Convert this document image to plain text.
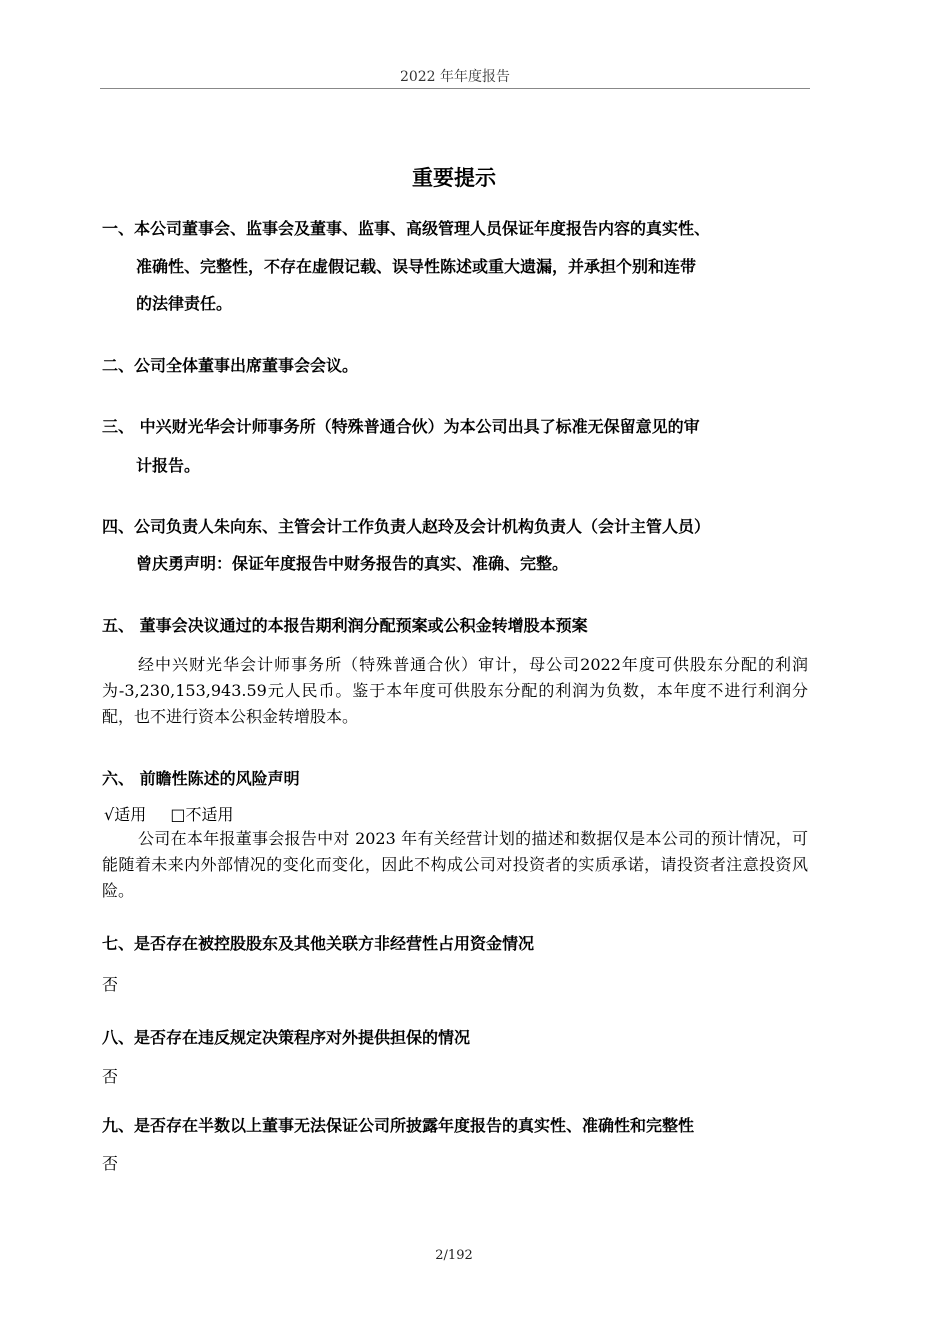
2022 年年度报告
重要提示
一、本公司董事会、监事会及董事、监事、高级管理人员保证年度报告内容的真实性、
准确性、完整性，不存在虚假记载、误导性陈述或重大遗漏，并承担个别和连带
的法律责任。
二、公司全体董事出席董事会会议。
三、 中兴财光华会计师事务所（特殊普通合伙）为本公司出具了标准无保留意见的审
计报告。
四、公司负责人朱向东、主管会计工作负责人赵玲及会计机构负责人（会计主管人员）
曾庆勇声明：保证年度报告中财务报告的真实、准确、完整。
五、 董事会决议通过的本报告期利润分配预案或公积金转增股本预案
经中兴财光华会计师事务所（特殊普通合伙）审计，母公司2022年度可供股东分配的利润为-3,230,153,943.59元人民币。鉴于本年度可供股东分配的利润为负数，本年度不进行利润分配，也不进行资本公积金转增股本。
六、 前瞻性陈述的风险声明
√适用 □不适用
公司在本年报董事会报告中对 2023 年有关经营计划的描述和数据仅是本公司的预计情况，可能随着未来内外部情况的变化而变化，因此不构成公司对投资者的实质承诺，请投资者注意投资风险。
七、是否存在被控股股东及其他关联方非经营性占用资金情况
否
八、是否存在违反规定决策程序对外提供担保的情况
否
九、是否存在半数以上董事无法保证公司所披露年度报告的真实性、准确性和完整性
否
2/192
